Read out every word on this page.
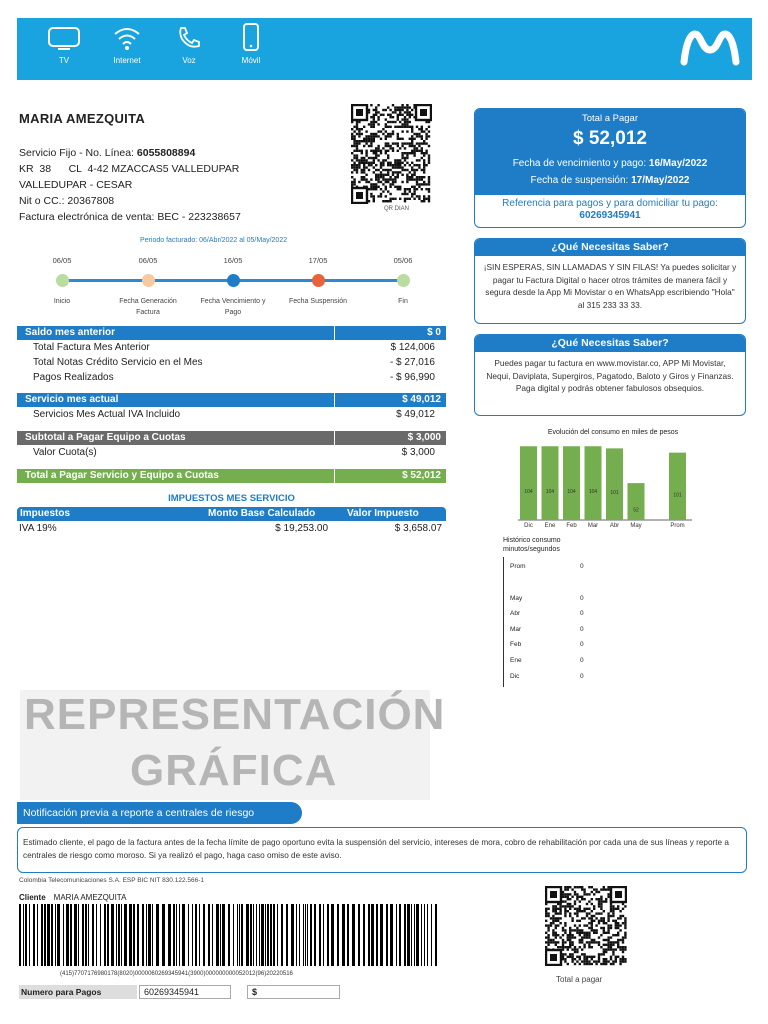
TV	Internet	Voz	Móvil
MARIA AMEZQUITA
Servicio Fijo - No. Línea: 6055808894
KR  38      CL  4-42 MZACCAS5 VALLEDUPAR
VALLEDUPAR - CESAR
Nit o CC.: 20367808
Factura electrónica de venta: BEC - 223238657
QR DIAN
Total a Pagar
$ 52,012
Fecha de vencimiento y pago: 16/May/2022
Fecha de suspensión: 17/May/2022
Referencia para pagos y para domiciliar tu pago:
60269345941
¿Qué Necesitas Saber?
¡SIN ESPERAS, SIN LLAMADAS Y SIN FILAS! Ya puedes solicitar y pagar tu Factura Digital o hacer otros trámites de manera fácil y segura desde la App Mi Movistar o en WhatsApp escribiendo "Hola" al 315 233 33 33.
¿Qué Necesitas Saber?
Puedes pagar tu factura en www.movistar.co, APP Mi Movistar, Nequi, Daviplata, Supergiros, Pagatodo, Baloto y Giros y Finanzas. Paga digital y podrás obtener fabulosos obsequios.
Periodo facturado: 06/Abr/2022 al 05/May/2022
06/05
Inicio
06/05
Fecha Generación Factura
16/05
Fecha Vencimiento y Pago
17/05
Fecha Suspensión
05/06
Fin
Saldo mes anterior	$ 0
Total Factura Mes Anterior	$ 124,006
Total Notas Crédito Servicio en el Mes	- $ 27,016
Pagos Realizados	- $ 96,990
Servicio mes actual	$ 49,012
Servicios Mes Actual IVA Incluido	$ 49,012
Subtotal a Pagar Equipo a Cuotas	$ 3,000
Valor Cuota(s)	$ 3,000
Total a Pagar Servicio y Equipo a Cuotas	$ 52,012
IMPUESTOS MES SERVICIO
Impuestos	Monto Base Calculado	Valor Impuesto
IVA 19%	$ 19,253.00	$ 3,658.07
Evolución del consumo en miles de pesos
104
Dic
104
Ene
104
Feb
104
Mar
101
Abr
52
May
101
Prom
Histórico consumo minutos/segundos
Prom	0
May	0
Abr	0
Mar	0
Feb	0
Ene	0
Dic	0
REPRESENTACIÓN
GRÁFICA
Notificación previa a reporte a centrales de riesgo
Estimado cliente, el pago de la factura antes de la fecha límite de pago oportuno evita la suspensión del servicio, intereses de mora, cobro de rehabilitación por cada una de sus líneas y reporte a centrales de riesgo como moroso. Si ya realizó el pago, haga caso omiso de este aviso.
Colombia Telecomunicaciones S.A. ESP BIC NIT 830.122.566-1
Cliente MARIA AMEZQUITA
(415)7707176980178(8020)0000060269345941(3900)000000000052012(96)20220516
Numero para Pagos	60269345941	$
Total a pagar
